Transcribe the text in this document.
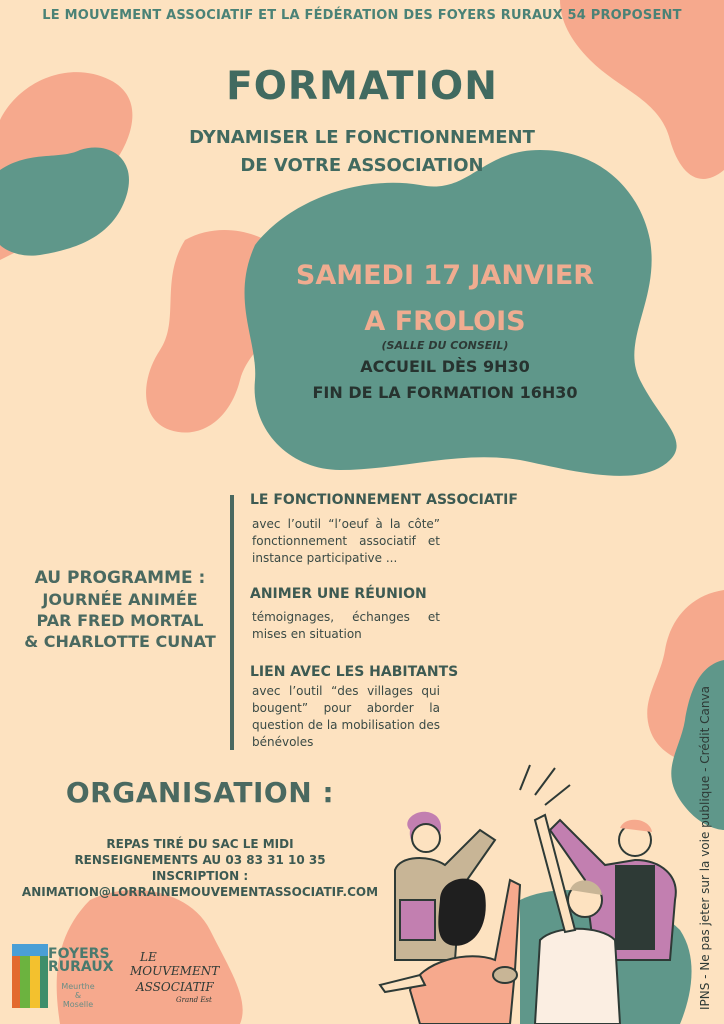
LE MOUVEMENT ASSOCIATIF ET LA FÉDÉRATION DES FOYERS RURAUX 54 PROPOSENT
FORMATION
DYNAMISER LE FONCTIONNEMENT
DE VOTRE ASSOCIATION
SAMEDI 17 JANVIER
A FROLOIS
(SALLE DU CONSEIL)
ACCUEIL DÈS 9H30
FIN DE LA FORMATION 16H30
AU PROGRAMME :
JOURNÉE ANIMÉE
PAR FRED MORTAL
& CHARLOTTE CUNAT
LE FONCTIONNEMENT ASSOCIATIF
avec l’outil “l’oeuf à la côte” fonctionnement associatif et instance participative ...
ANIMER UNE RÉUNION
témoignages, échanges et mises en situation
LIEN AVEC LES HABITANTS
avec l’outil “des villages qui bougent” pour aborder la question de la mobilisation des bénévoles
ORGANISATION :
REPAS TIRÉ DU SAC LE MIDI
RENSEIGNEMENTS AU 03 83 31 10 35
INSCRIPTION :
ANIMATION@LORRAINEMOUVEMENTASSOCIATIF.COM	IPNS - Ne pas jeter sur la voie publique - Crédit Canva
FOYERS
RURAUX
Meurthe
&
Moselle
LE
MOUVEMENT
ASSOCIATIF
Grand Est
